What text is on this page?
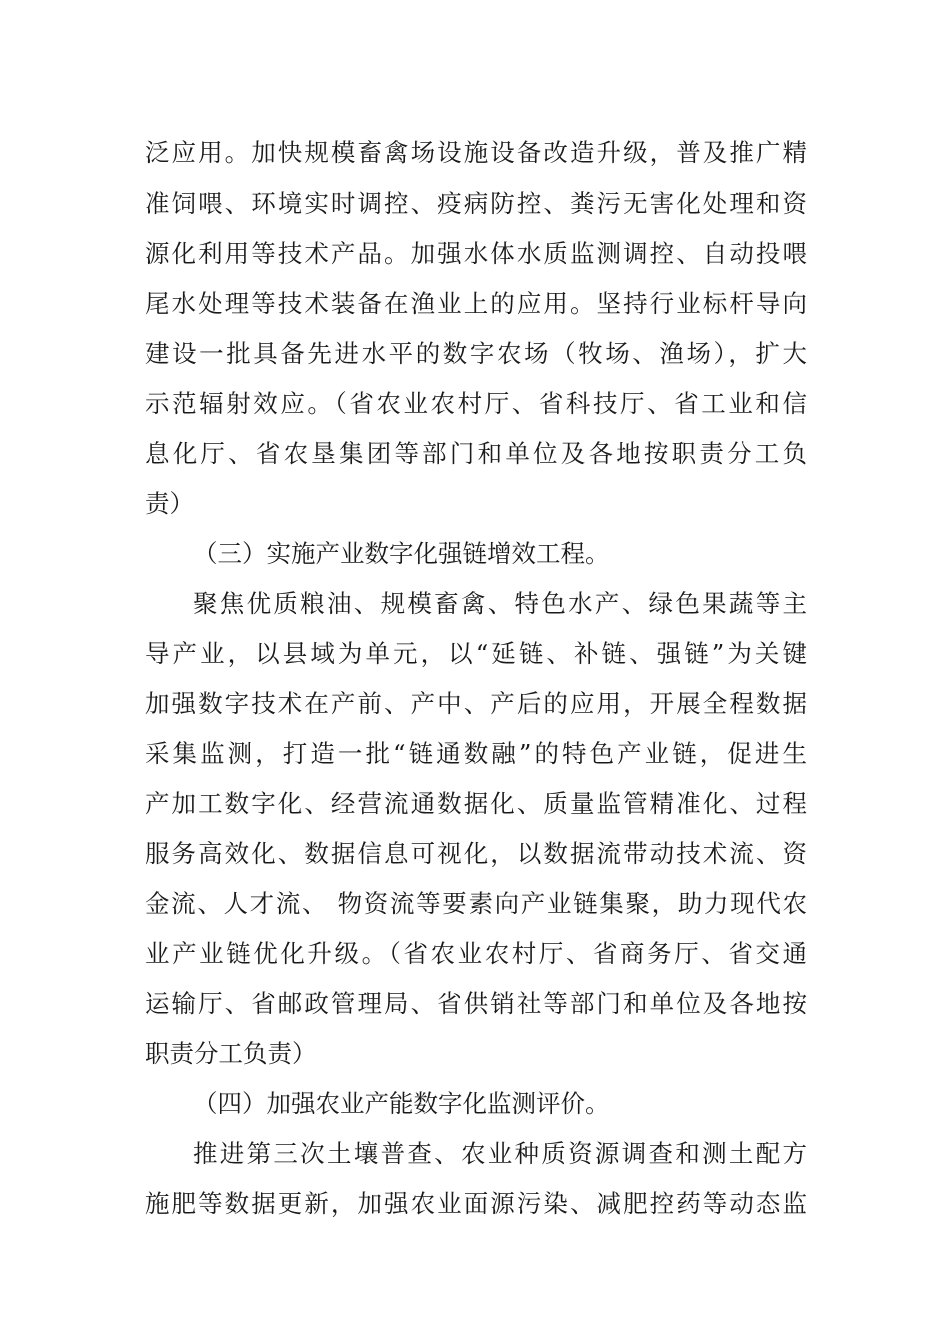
泛应用。加快规模畜禽场设施设备改造升级，普及推广精
准饲喂、环境实时调控、疫病防控、粪污无害化处理和资
源化利用等技术产品。加强水体水质监测调控、自动投喂
尾水处理等技术装备在渔业上的应用。坚持行业标杆导向
建设一批具备先进水平的数字农场（牧场、渔场），扩大
示范辐射效应。（省农业农村厅、省科技厅、省工业和信
息化厅、省农垦集团等部门和单位及各地按职责分工负
责）
（三）实施产业数字化强链增效工程。
聚焦优质粮油、规模畜禽、特色水产、绿色果蔬等主
导产业，以县域为单元，以“延链、补链、强链”为关键
加强数字技术在产前、产中、产后的应用，开展全程数据
采集监测，打造一批“链通数融”的特色产业链，促进生
产加工数字化、经营流通数据化、质量监管精准化、过程
服务高效化、数据信息可视化，以数据流带动技术流、资
金流、人才流、 物资流等要素向产业链集聚，助力现代农
业产业链优化升级。（省农业农村厅、省商务厅、省交通
运输厅、省邮政管理局、省供销社等部门和单位及各地按
职责分工负责）
（四）加强农业产能数字化监测评价。
推进第三次土壤普查、农业种质资源调查和测土配方
施肥等数据更新，加强农业面源污染、减肥控药等动态监
